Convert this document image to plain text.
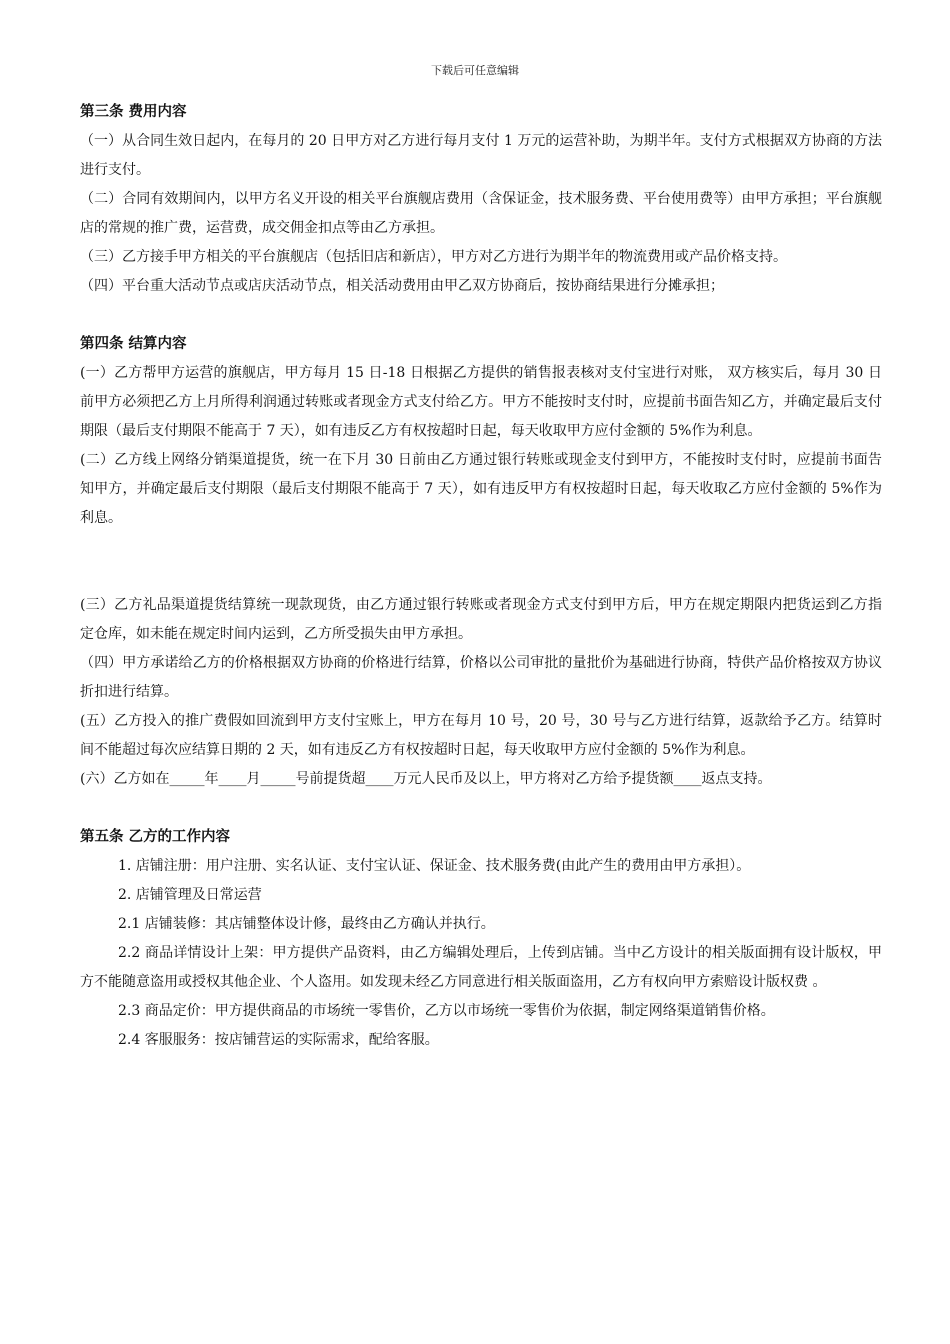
下载后可任意编辑
第三条 费用内容

（一）从合同生效日起内，在每月的 20 日甲方对乙方进行每月支付 1 万元的运营补助，为期半年。支付方式根据双方协商的方法进行支付。

（二）合同有效期间内，以甲方名义开设的相关平台旗舰店费用（含保证金，技术服务费、平台使用费等）由甲方承担；平台旗舰店的常规的推广费，运营费，成交佣金扣点等由乙方承担。

（三）乙方接手甲方相关的平台旗舰店（包括旧店和新店），甲方对乙方进行为期半年的物流费用或产品价格支持。

（四）平台重大活动节点或店庆活动节点，相关活动费用由甲乙双方协商后，按协商结果进行分摊承担；

第四条 结算内容

(一）乙方帮甲方运营的旗舰店，甲方每月 15 日-18 日根据乙方提供的销售报表核对支付宝进行对账， 双方核实后，每月 30 日前甲方必须把乙方上月所得利润通过转账或者现金方式支付给乙方。甲方不能按时支付时，应提前书面告知乙方，并确定最后支付期限（最后支付期限不能高于 7 天），如有违反乙方有权按超时日起，每天收取甲方应付金额的 5%作为利息。

(二）乙方线上网络分销渠道提货，统一在下月 30 日前由乙方通过银行转账或现金支付到甲方，不能按时支付时，应提前书面告知甲方，并确定最后支付期限（最后支付期限不能高于 7 天），如有违反甲方有权按超时日起，每天收取乙方应付金额的 5%作为利息。

(三）乙方礼品渠道提货结算统一现款现货，由乙方通过银行转账或者现金方式支付到甲方后，甲方在规定期限内把货运到乙方指定仓库，如未能在规定时间内运到，乙方所受损失由甲方承担。

（四）甲方承诺给乙方的价格根据双方协商的价格进行结算，价格以公司审批的量批价为基础进行协商，特供产品价格按双方协议折扣进行结算。

(五）乙方投入的推广费假如回流到甲方支付宝账上，甲方在每月 10 号，20 号，30 号与乙方进行结算，返款给予乙方。结算时间不能超过每次应结算日期的 2 天，如有违反乙方有权按超时日起，每天收取甲方应付金额的 5%作为利息。

(六）乙方如在_____年____月_____号前提货超____万元人民币及以上，甲方将对乙方给予提货额____返点支持。

第五条 乙方的工作内容

1. 店铺注册：用户注册、实名认证、支付宝认证、保证金、技术服务费(由此产生的费用由甲方承担）。

2. 店铺管理及日常运营

2.1 店铺装修：其店铺整体设计修，最终由乙方确认并执行。

2.2 商品详情设计上架：甲方提供产品资料，由乙方编辑处理后，上传到店铺。当中乙方设计的相关版面拥有设计版权，甲方不能随意盗用或授权其他企业、个人盗用。如发现未经乙方同意进行相关版面盗用，乙方有权向甲方索赔设计版权费 。

2.3 商品定价：甲方提供商品的市场统一零售价，乙方以市场统一零售价为依据，制定网络渠道销售价格。

2.4 客服服务：按店铺营运的实际需求，配给客服。
